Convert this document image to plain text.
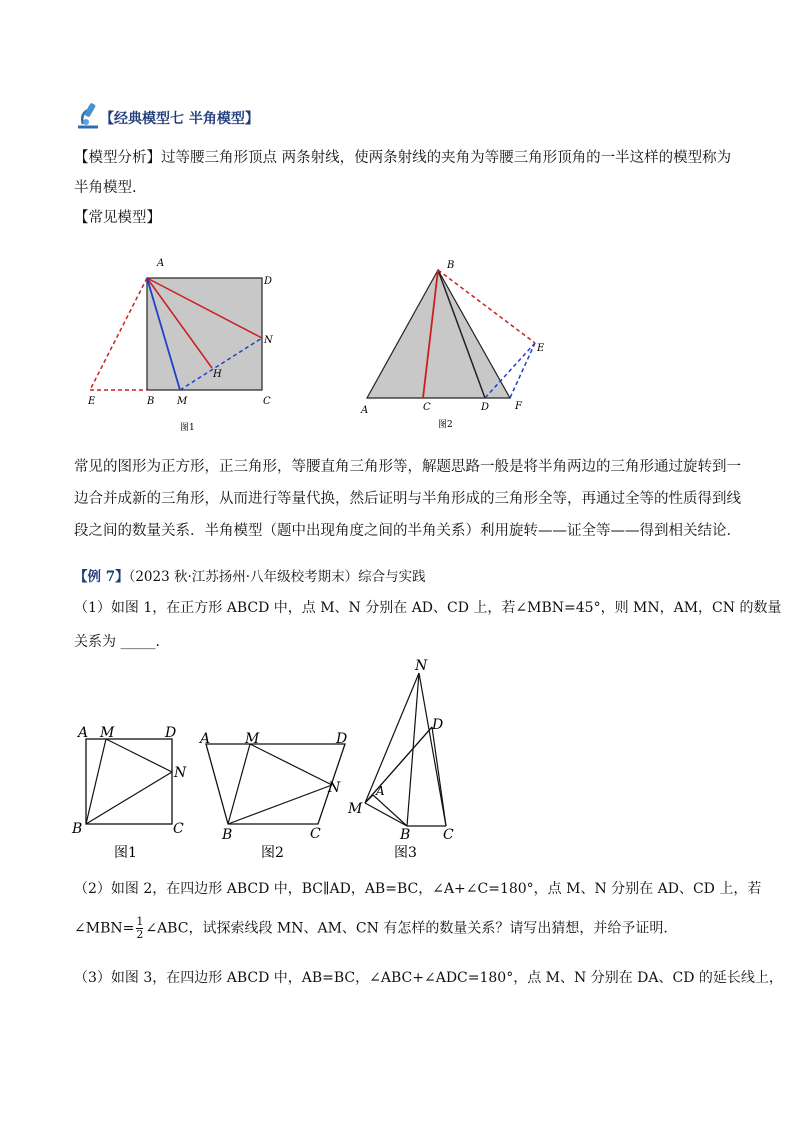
【经典模型七 半角模型】
【模型分析】过等腰三角形顶点 两条射线，使两条射线的夹角为等腰三角形顶角的一半这样的模型称为
半角模型.
【常见模型】
A
D
N
H
E	B M	C
图1
B
E
A	C	D	F
图2
常见的图形为正方形，正三角形，等腰直角三角形等，解题思路一般是将半角两边的三角形通过旋转到一
边合并成新的三角形，从而进行等量代换，然后证明与半角形成的三角形全等，再通过全等的性质得到线
段之间的数量关系．半角模型（题中出现角度之间的半角关系）利用旋转——证全等——得到相关结论．
【例 7】（2023 秋·江苏扬州·八年级校考期末）综合与实践
（1）如图 1，在正方形 ABCD 中，点 M、N 分别在 AD、CD 上，若∠MBN=45°，则 MN，AM，CN 的数量
关系为 _____.
A M	D
N
B	C
图1
A M	D
N
B	C
图2
N
D
A
M
B C
图3
（2）如图 2，在四边形 ABCD 中，BC∥AD，AB=BC，∠A+∠C=180°，点 M、N 分别在 AD、CD 上，若
∠MBN= $\frac{1}{2}$ ∠ABC，试探索线段 MN、AM、CN 有怎样的数量关系？请写出猜想，并给予证明.
（3）如图 3，在四边形 ABCD 中，AB=BC，∠ABC+∠ADC=180°，点 M、N 分别在 DA、CD 的延长线上，
